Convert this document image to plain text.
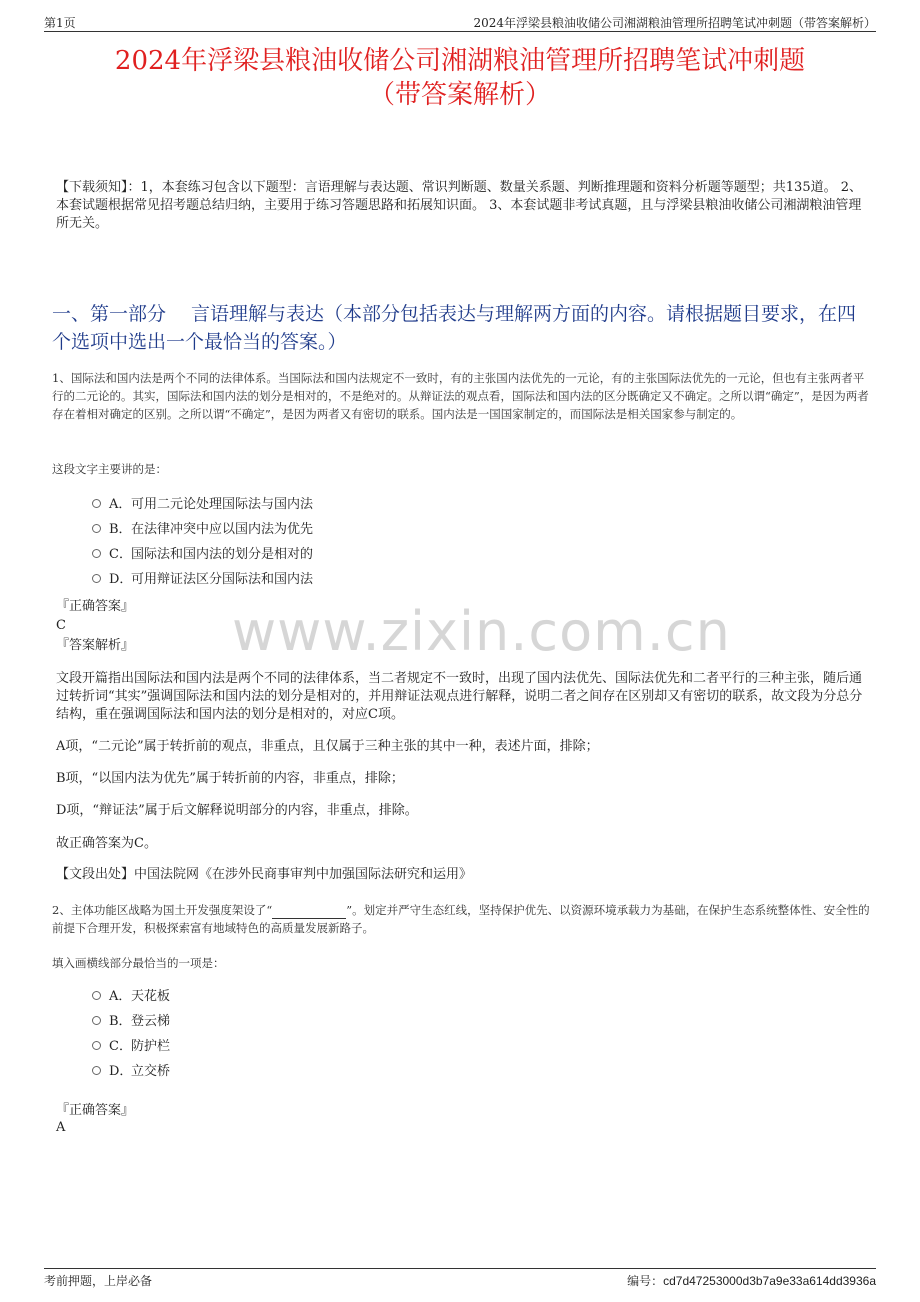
第1页	2024年浮梁县粮油收储公司湘湖粮油管理所招聘笔试冲刺题（带答案解析）
2024年浮梁县粮油收储公司湘湖粮油管理所招聘笔试冲刺题
（带答案解析）
【下载须知】：1，本套练习包含以下题型：言语理解与表达题、常识判断题、数量关系题、判断推理题和资料分析题等题型；共135道。 2、本套试题根据常见招考题总结归纳，主要用于练习答题思路和拓展知识面。 3、本套试题非考试真题，且与浮梁县粮油收储公司湘湖粮油管理所无关。
一、第一部分　 言语理解与表达（本部分包括表达与理解两方面的内容。请根据题目要求，在四个选项中选出一个最恰当的答案。）
1、国际法和国内法是两个不同的法律体系。当国际法和国内法规定不一致时，有的主张国内法优先的一元论，有的主张国际法优先的一元论，但也有主张两者平行的二元论的。其实，国际法和国内法的划分是相对的，不是绝对的。从辩证法的观点看，国际法和国内法的区分既确定又不确定。之所以谓“确定”，是因为两者存在着相对确定的区别。之所以谓“不确定”，是因为两者又有密切的联系。国内法是一国国家制定的，而国际法是相关国家参与制定的。
这段文字主要讲的是：
A．可用二元论处理国际法与国内法
B．在法律冲突中应以国内法为优先
C．国际法和国内法的划分是相对的
D．可用辩证法区分国际法和国内法
www.zixin.com.cn
『正确答案』
C
『答案解析』
文段开篇指出国际法和国内法是两个不同的法律体系，当二者规定不一致时，出现了国内法优先、国际法优先和二者平行的三种主张，随后通过转折词“其实”强调国际法和国内法的划分是相对的，并用辩证法观点进行解释，说明二者之间存在区别却又有密切的联系，故文段为分总分结构，重在强调国际法和国内法的划分是相对的，对应C项。
A项，“二元论”属于转折前的观点，非重点，且仅属于三种主张的其中一种，表述片面，排除；
B项，“以国内法为优先”属于转折前的内容，非重点，排除；
D项，“辩证法”属于后文解释说明部分的内容，非重点，排除。
故正确答案为C。
【文段出处】中国法院网《在涉外民商事审判中加强国际法研究和运用》
2、主体功能区战略为国土开发强度架设了“	”。划定并严守生态红线，坚持保护优先、以资源环境承载力为基础，在保护生态系统整体性、安全性的前提下合理开发，积极探索富有地域特色的高质量发展新路子。
填入画横线部分最恰当的一项是：
A．天花板
B．登云梯
C．防护栏
D．立交桥
『正确答案』
A
考前押题，上岸必备	编号：cd7d47253000d3b7a9e33a614dd3936a
